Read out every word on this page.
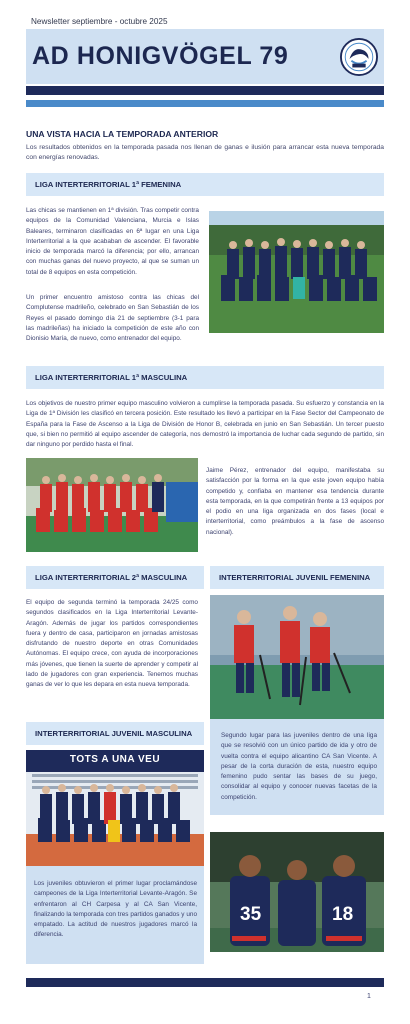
Newsletter septiembre - octubre 2025
AD HONIGVÖGEL 79
UNA VISTA HACIA LA TEMPORADA ANTERIOR
Los resultados obtenidos en la temporada pasada nos llenan de ganas e ilusión para arrancar esta nueva temporada con energías renovadas.
LIGA INTERTERRITORIAL 1ª FEMENINA
Las chicas se mantienen en 1ª división. Tras competir contra equipos de la Comunidad Valenciana, Murcia e Islas Baleares, terminaron clasificadas en 6ª lugar en una Liga Interterritorial a la que acababan de ascender. El favorable inicio de temporada marcó la diferencia; por ello, arrancan con muchas ganas del nuevo proyecto, al que se suman un total de 8 equipos en esta competición.
Un primer encuentro amistoso contra las chicas del Complutense madrileño, celebrado en San Sebastián de los Reyes el pasado domingo día 21 de septiembre (3-1 para las madrileñas) ha iniciado la competición de este año con Dionisio María, de nuevo, como entrenador del equipo.
LIGA INTERTERRITORIAL 1ª MASCULINA
Los objetivos de nuestro primer equipo masculino volvieron a cumplirse la temporada pasada. Su esfuerzo y constancia en la Liga de 1ª División les clasificó en tercera posición. Este resultado les llevó a participar en la Fase Sector del Campeonato de España para la Fase de Ascenso a la Liga de División de Honor B, celebrada en junio en San Sebastián. Un tercer puesto que, si bien no permitió al equipo ascender de categoría, nos demostró la importancia de luchar cada segundo de partido, sin dar ninguno por perdido hasta el final.
Jaime Pérez, entrenador del equipo, manifestaba su satisfacción por la forma en la que este joven equipo había competido y, confiaba en mantener esa tendencia durante esta temporada, en la que competirán frente a 13 equipos por el podio en una liga organizada en dos fases (local e interterritorial, como preámbulos a la fase de ascenso nacional).
LIGA INTERTERRITORIAL 2ª MASCULINA
El equipo de segunda terminó la temporada 24/25 como segundos clasificados en la Liga Interterritorial Levante-Aragón. Además de jugar los partidos correspondientes fuera y dentro de casa, participaron en jornadas amistosas disfrutando de nuestro deporte en otras Comunidades Autónomas. El equipo crece, con ayuda de incorporaciones más jóvenes, que tienen la suerte de aprender y competir al lado de jugadores con gran experiencia. Tenemos muchas ganas de ver lo que les depara en esta nueva temporada.
INTERTERRITORIAL JUVENIL FEMENINA
Segundo lugar para las juveniles dentro de una liga que se resolvió con un único partido de ida y otro de vuelta contra el equipo alicantino CA San Vicente. A pesar de la corta duración de esta, nuestro equipo femenino pudo sentar las bases de su juego, consolidar al equipo y conocer nuevas facetas de la competición.
INTERTERRITORIAL JUVENIL MASCULINA
TOTS A UNA VEU
Los juveniles obtuvieron el primer lugar proclamándose campeones de la Liga Interterritorial Levante-Aragón. Se enfrentaron al CH Carpesa y al CA San Vicente, finalizando la temporada con tres partidos ganados y uno empatado. La actitud de nuestros jugadores marcó la diferencia.
35	18
1
